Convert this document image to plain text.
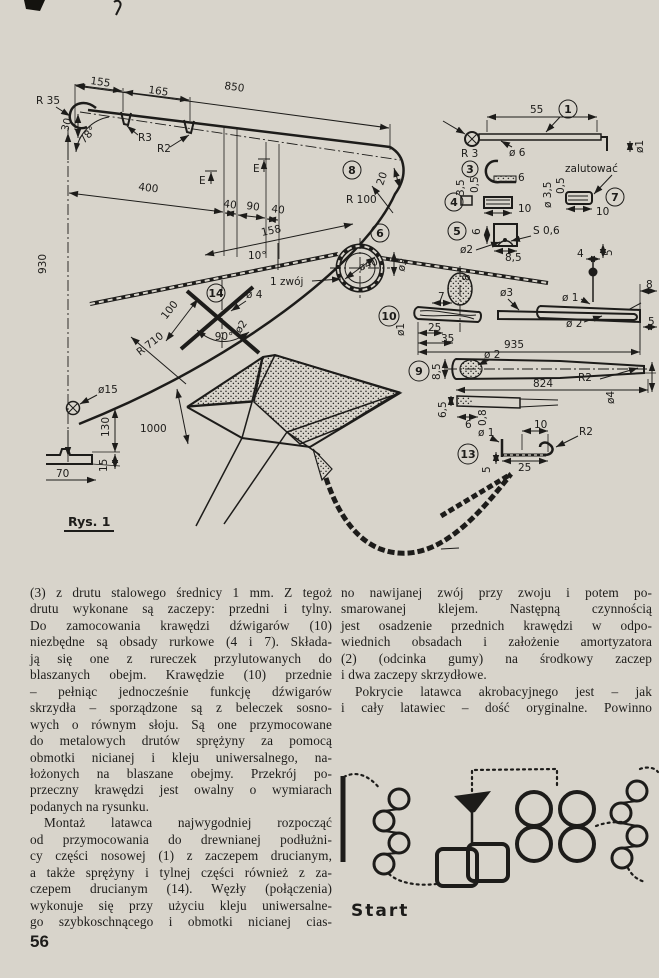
155
165	850
R 35
30 78°	R3
R2
930
400
40 90 40
E
E	8 20
R 100
R 710
158
10°
1 zwój
ø40
6
ø3
14
100
ø 4
90°
ø2
1000
ø15
130
15
70
55
ø1
ø 6
R 3
1
3
6
3,5 0,5
zalutować
7
ø 3,5 0,5
10
4	10
5 6	S 0,6
ø2
8,5	4 5
8
ø 1
ø 2	5
10
ø1
8
7	ø3
25
35	935
9 8,5
ø 2
824 R2
ø4
6,5
6 0,8
13
ø 1
10
R2
25
5
Rys. 1
(3) z drutu stalowego średnicy 1 mm. Z tegoż
drutu wykonane są zaczepy: przedni i tylny.
Do zamocowania krawędzi dźwigarów (10)
niezbędne są obsady rurkowe (4 i 7). Składa-
ją się one z rureczek przylutowanych do
blaszanych obejm. Krawędzie (10) przednie
– pełniąc jednocześnie funkcję dźwigarów
skrzydła – sporządzone są z beleczek sosno-
wych o równym słoju. Są one przymocowane
do metalowych drutów sprężyny za pomocą
obmotki nicianej i kleju uniwersalnego, na-
łożonych na blaszane obejmy. Przekrój po-
przeczny krawędzi jest owalny o wymiarach
podanych na rysunku.
Montaż latawca najwygodniej rozpocząć
od przymocowania do drewnianej podłużni-
cy części nosowej (1) z zaczepem drucianym,
a także sprężyny i tylnej części również z za-
czepem drucianym (14). Węzły (połączenia)
wykonuje się przy użyciu kleju uniwersalne-
go szybkoschnącego i obmotki nicianej cias-
no nawijanej zwój przy zwoju i potem po-
smarowanej klejem. Następną czynnością
jest osadzenie przednich krawędzi w odpo-
wiednich obsadach i założenie amortyzatora
(2) (odcinka gumy) na środkowy zaczep
i dwa zaczepy skrzydłowe.
Pokrycie latawca akrobacyjnego jest – jak
i cały latawiec – dość oryginalne. Powinno
Start
56
